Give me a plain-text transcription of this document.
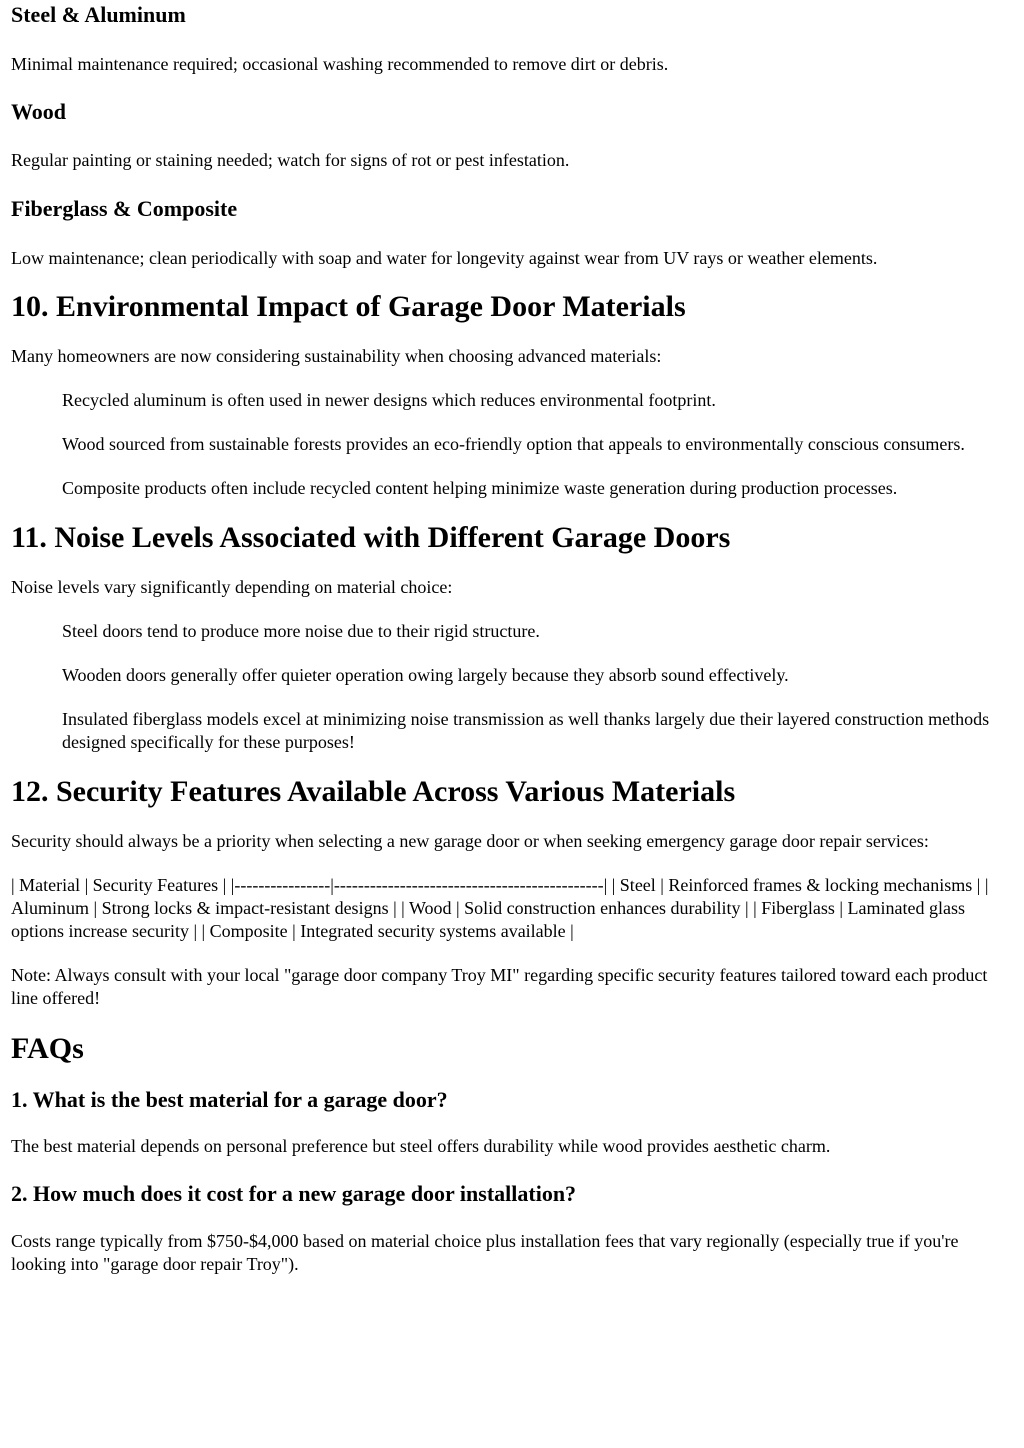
Steel & Aluminum

Minimal maintenance required; occasional washing recommended to remove dirt or debris.

Wood

Regular painting or staining needed; watch for signs of rot or pest infestation.

Fiberglass & Composite

Low maintenance; clean periodically with soap and water for longevity against wear from UV rays or weather elements.

10. Environmental Impact of Garage Door Materials

Many homeowners are now considering sustainability when choosing advanced materials:

Recycled aluminum is often used in newer designs which reduces environmental footprint.
Wood sourced from sustainable forests provides an eco-friendly option that appeals to environmentally conscious consumers.
Composite products often include recycled content helping minimize waste generation during production processes.
11. Noise Levels Associated with Different Garage Doors

Noise levels vary significantly depending on material choice:

Steel doors tend to produce more noise due to their rigid structure.
Wooden doors generally offer quieter operation owing largely because they absorb sound effectively.
Insulated fiberglass models excel at minimizing noise transmission as well thanks largely due their layered construction methods designed specifically for these purposes!
12. Security Features Available Across Various Materials

Security should always be a priority when selecting a new garage door or when seeking emergency garage door repair services:

| Material | Security Features | |----------------|---------------------------------------------| | Steel | Reinforced frames & locking mechanisms | | Aluminum | Strong locks & impact-resistant designs | | Wood | Solid construction enhances durability | | Fiberglass | Laminated glass options increase security | | Composite | Integrated security systems available |

Note: Always consult with your local "garage door company Troy MI" regarding specific security features tailored toward each product line offered!

FAQs
1. What is the best material for a garage door?

The best material depends on personal preference but steel offers durability while wood provides aesthetic charm.

2. How much does it cost for a new garage door installation?

Costs range typically from $750-$4,000 based on material choice plus installation fees that vary regionally (especially true if you're looking into "garage door repair Troy").
